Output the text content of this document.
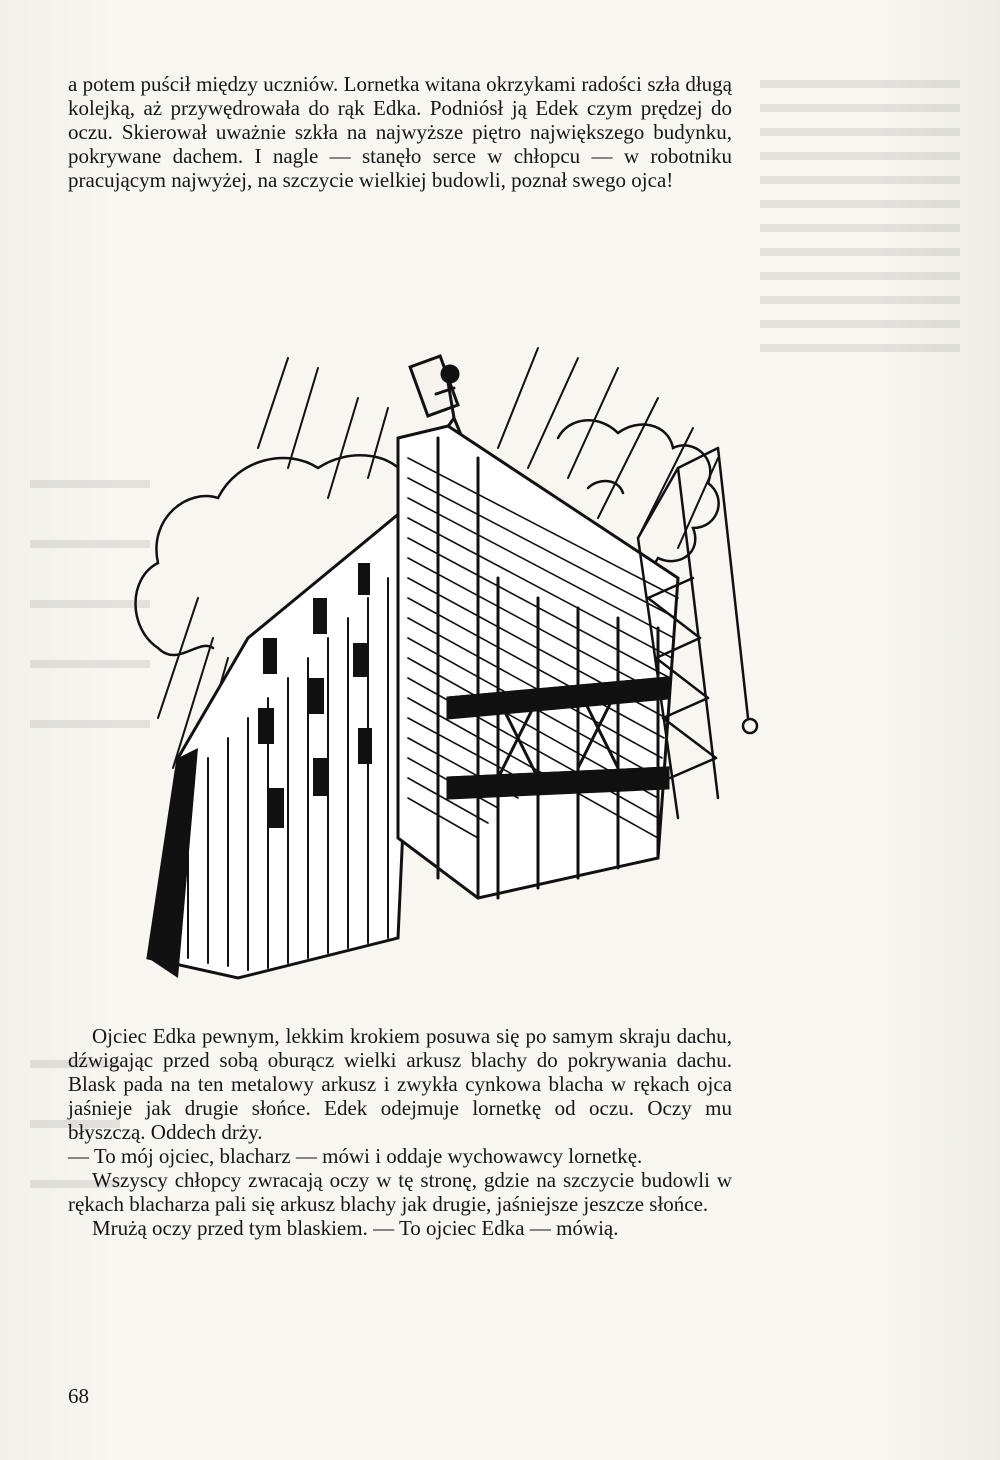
a potem puścił między uczniów. Lornetka witana okrzykami radości szła długą kolejką, aż przywędrowała do rąk Edka. Podniósł ją Edek czym prędzej do oczu. Skierował uważnie szkła na najwyższe piętro największego budynku, pokrywane dachem. I nagle — stanęło serce w chłopcu — w robotniku pracującym najwyżej, na szczycie wielkiej budowli, poznał swego ojca!

Ojciec Edka pewnym, lekkim krokiem posuwa się po samym skraju dachu, dźwigając przed sobą oburącz wielki arkusz blachy do pokrywania dachu. Blask pada na ten metalowy arkusz i zwykła cynkowa blacha w rękach ojca jaśnieje jak drugie słońce. Edek odejmuje lornetkę od oczu. Oczy mu błyszczą. Oddech drży.

— To mój ojciec, blacharz — mówi i oddaje wychowawcy lornetkę.

Wszyscy chłopcy zwracają oczy w tę stronę, gdzie na szczycie budowli w rękach blacharza pali się arkusz blachy jak drugie, jaśniejsze jeszcze słońce.

Mrużą oczy przed tym blaskiem. — To ojciec Edka — mówią.

68
